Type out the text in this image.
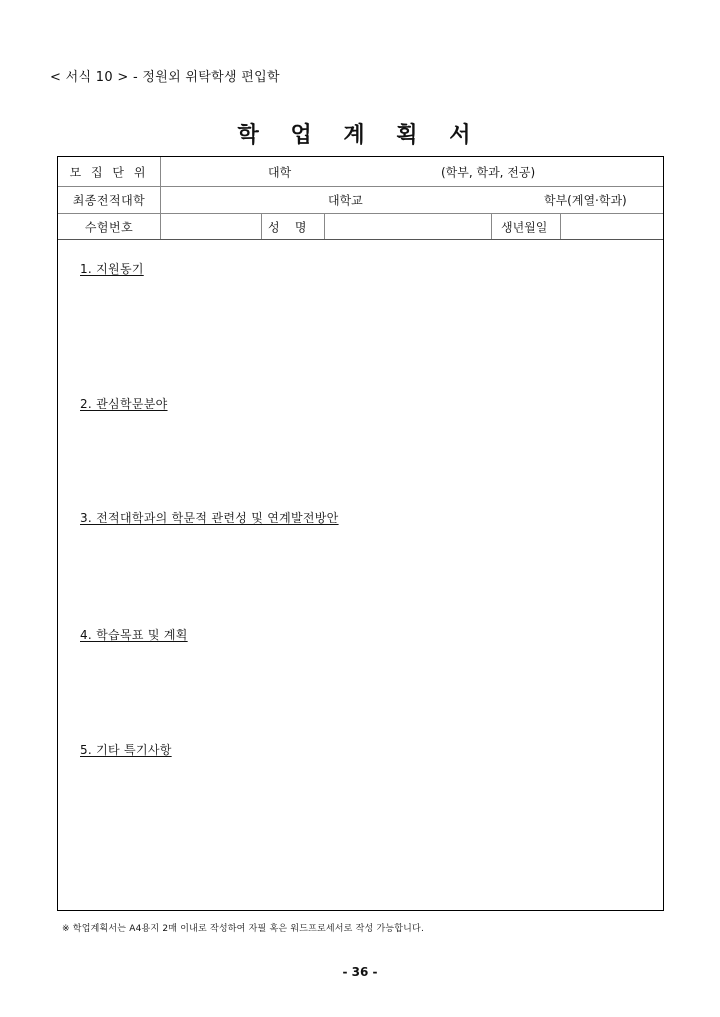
< 서식 10 > - 정원외 위탁학생 편입학
학 업 계 획 서
모 집 단 위	대학	(학부, 학과, 전공)
최종전적대학	대학교	학부(계열·학과)
수험번호	성    명	생년월일
1. 지원동기
2. 관심학문분야
3. 전적대학과의 학문적 관련성 및 연계발전방안
4. 학습목표 및 계획
5. 기타 특기사항
※ 학업계획서는 A4용지 2매 이내로 작성하여 자필 혹은 워드프로세서로 작성 가능합니다.
- 36 -
